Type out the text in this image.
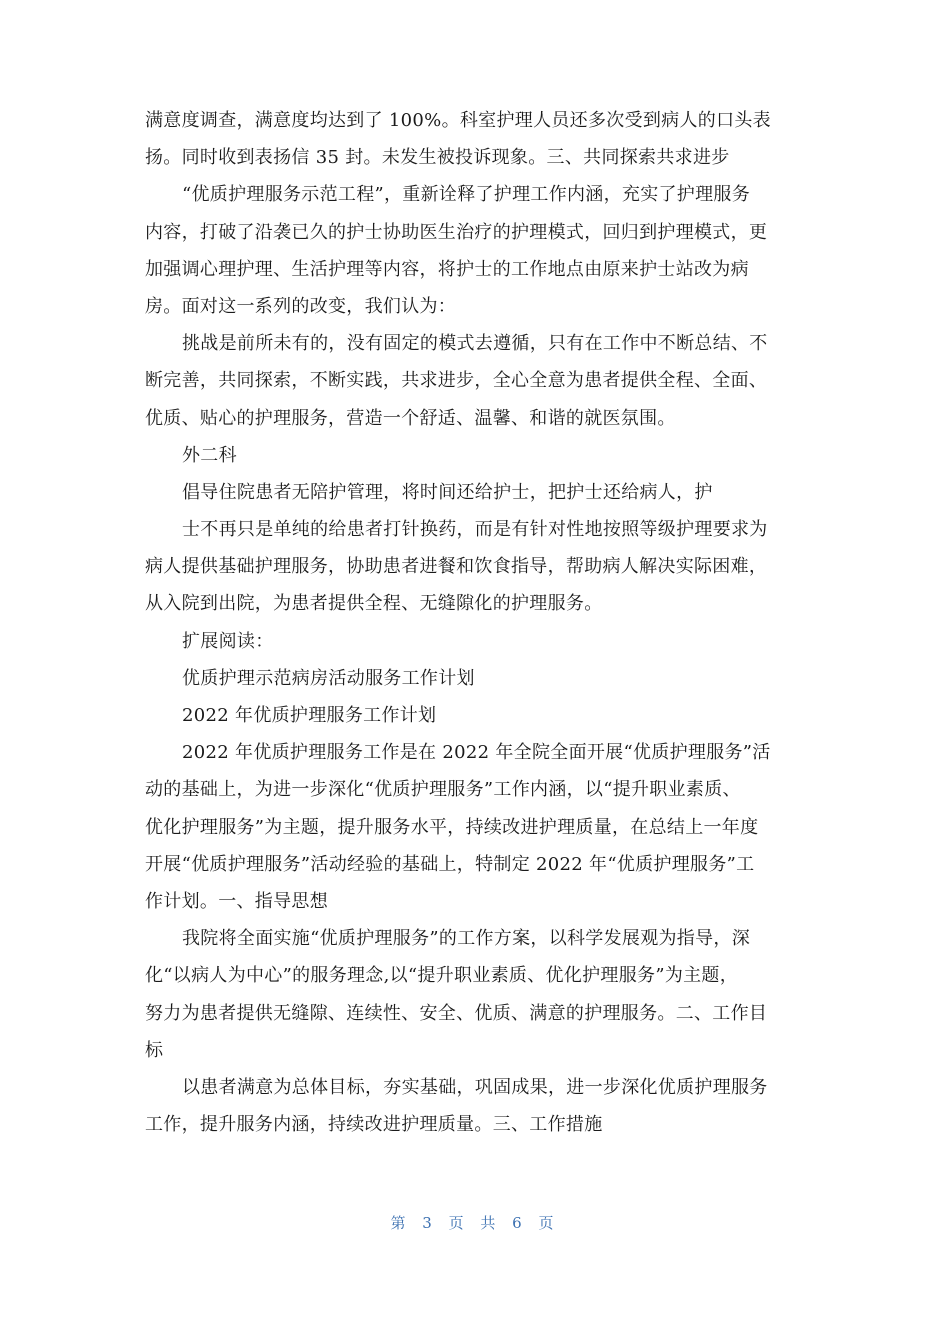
满意度调查，满意度均达到了 100%。科室护理人员还多次受到病人的口头表
扬。同时收到表扬信 35 封。未发生被投诉现象。三、共同探索共求进步
“优质护理服务示范工程”，重新诠释了护理工作内涵，充实了护理服务
内容，打破了沿袭已久的护士协助医生治疗的护理模式，回归到护理模式，更
加强调心理护理、生活护理等内容，将护士的工作地点由原来护士站改为病
房。面对这一系列的改变，我们认为：
挑战是前所未有的，没有固定的模式去遵循，只有在工作中不断总结、不
断完善，共同探索，不断实践，共求进步，全心全意为患者提供全程、全面、
优质、贴心的护理服务，营造一个舒适、温馨、和谐的就医氛围。
外二科
倡导住院患者无陪护管理，将时间还给护士，把护士还给病人，护
士不再只是单纯的给患者打针换药，而是有针对性地按照等级护理要求为
病人提供基础护理服务，协助患者进餐和饮食指导，帮助病人解决实际困难，
从入院到出院，为患者提供全程、无缝隙化的护理服务。
扩展阅读：
优质护理示范病房活动服务工作计划
2022 年优质护理服务工作计划
2022 年优质护理服务工作是在 2022 年全院全面开展“优质护理服务”活
动的基础上，为进一步深化“优质护理服务”工作内涵，以“提升职业素质、
优化护理服务”为主题，提升服务水平，持续改进护理质量，在总结上一年度
开展“优质护理服务”活动经验的基础上，特制定 2022 年“优质护理服务”工
作计划。一、指导思想
我院将全面实施“优质护理服务”的工作方案，以科学发展观为指导，深
化“以病人为中心”的服务理念,以“提升职业素质、优化护理服务”为主题，
努力为患者提供无缝隙、连续性、安全、优质、满意的护理服务。二、工作目
标
以患者满意为总体目标，夯实基础，巩固成果，进一步深化优质护理服务
工作，提升服务内涵，持续改进护理质量。三、工作措施
第 3 页 共 6 页
